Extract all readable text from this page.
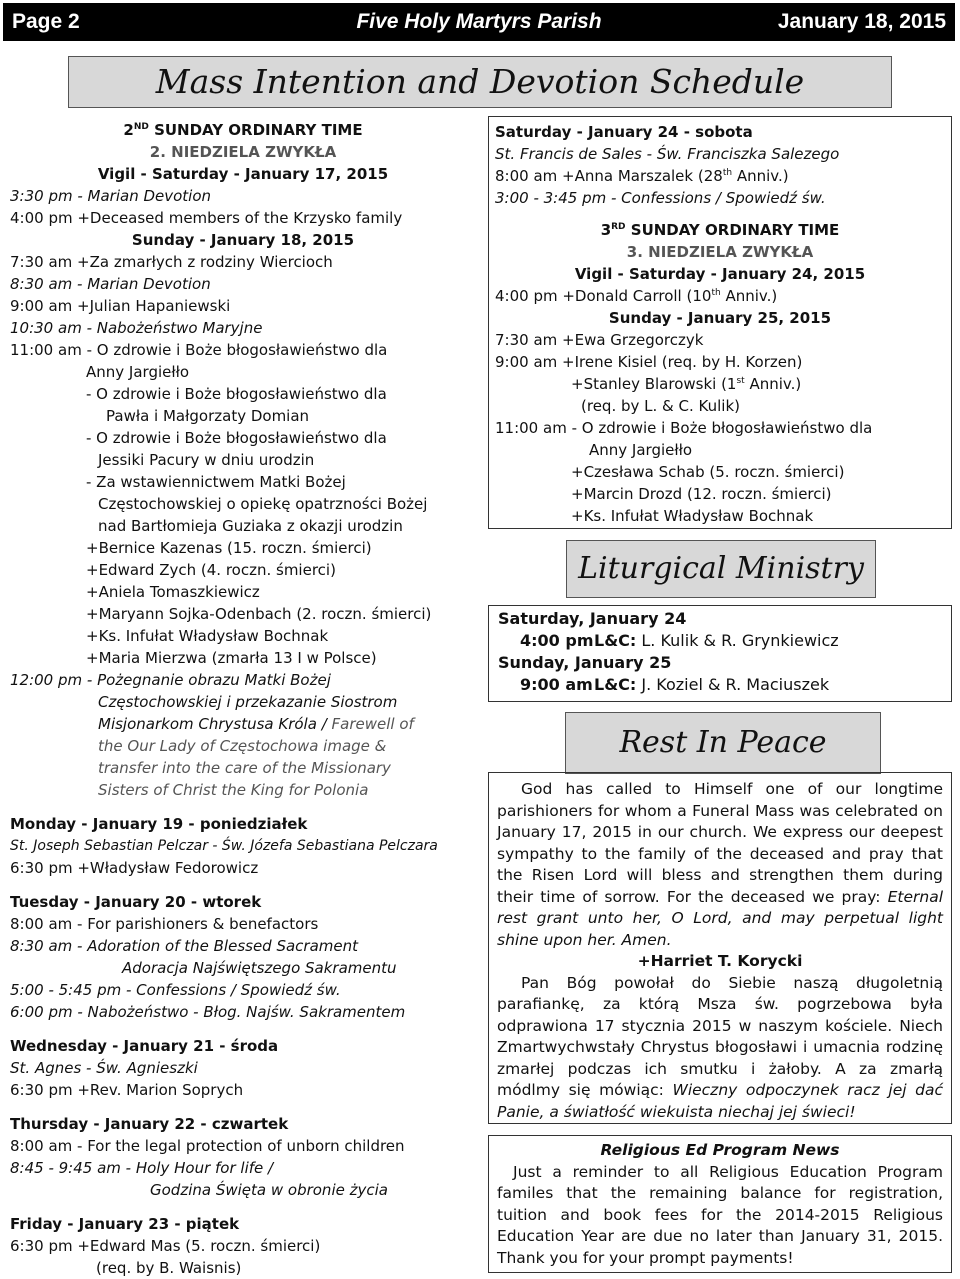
Five Holy Martyrs Parish
Page 2	January 18, 2015
Mass Intention and Devotion Schedule
2ND SUNDAY ORDINARY TIME
2. NIEDZIELA ZWYKŁA
Vigil - Saturday - January 17, 2015
3:30 pm - Marian Devotion
4:00 pm +Deceased members of the Krzysko family
Sunday - January 18, 2015
7:30 am +Za zmarłych z rodziny Wiercioch
8:30 am - Marian Devotion
9:00 am +Julian Hapaniewski
10:30 am - Nabożeństwo Maryjne
11:00 am - O zdrowie i Boże błogosławieństwo dla
Anny Jargiełło
- O zdrowie i Boże błogosławieństwo dla
Pawła i Małgorzaty Domian
- O zdrowie i Boże błogosławieństwo dla
Jessiki Pacury w dniu urodzin
- Za wstawiennictwem Matki Bożej
Częstochowskiej o opiekę opatrzności Bożej
nad Bartłomieja Guziaka z okazji urodzin
+Bernice Kazenas (15. roczn. śmierci)
+Edward Zych (4. roczn. śmierci)
+Aniela Tomaszkiewicz
+Maryann Sojka-Odenbach (2. roczn. śmierci)
+Ks. Infułat Władysław Bochnak
+Maria Mierzwa (zmarła 13 I w Polsce)
12:00 pm - Pożegnanie obrazu Matki Bożej
Częstochowskiej i przekazanie Siostrom
Misjonarkom Chrystusa Króla / Farewell of
the Our Lady of Częstochowa image &
transfer into the care of the Missionary
Sisters of Christ the King for Polonia
Monday - January 19 - poniedziałek
St. Joseph Sebastian Pelczar - Św. Józefa Sebastiana Pelczara
6:30 pm +Władysław Fedorowicz
Tuesday - January 20 - wtorek
8:00 am - For parishioners & benefactors
8:30 am - Adoration of the Blessed Sacrament
Adoracja Najświętszego Sakramentu
5:00 - 5:45 pm - Confessions / Spowiedź św.
6:00 pm - Nabożeństwo - Błog. Najśw. Sakramentem
Wednesday - January 21 - środa
St. Agnes - Św. Agnieszki
6:30 pm +Rev. Marion Soprych
Thursday - January 22 - czwartek
8:00 am - For the legal protection of unborn children
8:45 - 9:45 am - Holy Hour for life /
Godzina Święta w obronie życia
Friday - January 23 - piątek
6:30 pm +Edward Mas (5. roczn. śmierci)
(req. by B. Waisnis)
Saturday - January 24 - sobota
St. Francis de Sales - Św. Franciszka Salezego
8:00 am +Anna Marszalek (28th Anniv.)
3:00 - 3:45 pm - Confessions / Spowiedź św.
3RD SUNDAY ORDINARY TIME
3. NIEDZIELA ZWYKŁA
Vigil - Saturday - January 24, 2015
4:00 pm +Donald Carroll (10th Anniv.)
Sunday - January 25, 2015
7:30 am +Ewa Grzegorczyk
9:00 am +Irene Kisiel (req. by H. Korzen)
+Stanley Blarowski (1st Anniv.)
(req. by L. & C. Kulik)
11:00 am - O zdrowie i Boże błogosławieństwo dla
Anny Jargiełło
+Czesława Schab (5. roczn. śmierci)
+Marcin Drozd (12. roczn. śmierci)
+Ks. Infułat Władysław Bochnak
Liturgical Ministry
Saturday, January 24
4:00 pmL&C: L. Kulik & R. Grynkiewicz
Sunday, January 25
9:00 amL&C: J. Koziel & R. Maciuszek
Rest In Peace
God has called to Himself one of our longtime parishioners for whom a Funeral Mass was celebrated on January 17, 2015 in our church. We express our deepest sympathy to the family of the deceased and pray that the Risen Lord will bless and strengthen them during their time of sorrow. For the deceased we pray: Eternal rest grant unto her, O Lord, and may perpetual light shine upon her. Amen.
+Harriet T. Korycki
Pan Bóg powołał do Siebie naszą długoletnią parafiankę, za którą Msza św. pogrzebowa była odprawiona 17 stycznia 2015 w naszym kościele. Niech Zmartwychwstały Chrystus błogosławi i umacnia rodzinę zmarłej podczas ich smutku i żałoby. A za zmarłą módlmy się mówiąc: Wieczny odpoczynek racz jej dać Panie, a światłość wiekuista niechaj jej świeci!
Religious Ed Program News
Just a reminder to all Religious Education Program familes that the remaining balance for registration, tuition and book fees for the 2014-2015 Religious Education Year are due no later than January 31, 2015. Thank you for your prompt payments!
